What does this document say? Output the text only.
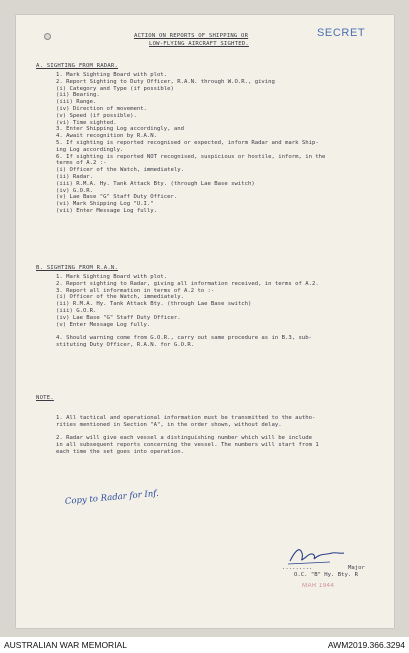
SECRET
ACTION ON REPORTS OF SHIPPING OR
LOW-FLYING AIRCRAFT SIGHTED.
A. SIGHTING FROM RADAR.
1. Mark Sighting Board with plot.
2. Report Sighting to Duty Officer, R.A.N. through W.O.R., giving
(i) Category and Type (if possible)
(ii) Bearing.
(iii) Range.
(iv) Direction of movement.
(v) Speed (if possible).
(vi) Time sighted.
3. Enter Shipping Log accordingly, and
4. Await recognition by R.A.N.
5. If sighting is reported recognised or expected, inform Radar and mark Ship-
ing Log accordingly.
6. If sighting is reported NOT recognised, suspicious or hostile, inform, in the
terms of A.2 :-
(i) Officer of the Watch, immediately.
(ii) Radar.
(iii) R.M.A. Hy. Tank Attack Bty. (through Lae Base switch)
(iv) G.O.R.
(v) Lae Base "G" Staff Duty Officer.
(vi) Mark Shipping Log "U.I."
(vii) Enter Message Log fully.
B. SIGHTING FROM R.A.N.
1. Mark Sighting Board with plot.
2. Report sighting to Radar, giving all information received, in terms of A.2.
3. Report all information in terms of A.2 to :-
(i) Officer of the Watch, immediately.
(ii) R.M.A. Hy. Tank Attack Bty. (through Lae Base switch)
(iii) G.O.R.
(iv) Lae Base "G" Staff Duty Officer.
(v) Enter Message Log fully.
4. Should warning come from G.O.R., carry out same procedure as in B.3, sub-
stituting Duty Officer, R.A.N. for G.O.R.
NOTE.
1. All tactical and operational information must be transmitted to the autho-
rities mentioned in Section "A", in the order shown, without delay.
2. Radar will give each vessel a distinguishing number which will be include
in all subsequent reports concerning the vessel. The numbers will start from 1
each time the set goes into operation.
Copy to Radar for Inf.
.........	Major
O.C. "B" Hy. Bty. R
MAR 1944
AUSTRALIAN WAR MEMORIAL	AWM2019.366.3294
